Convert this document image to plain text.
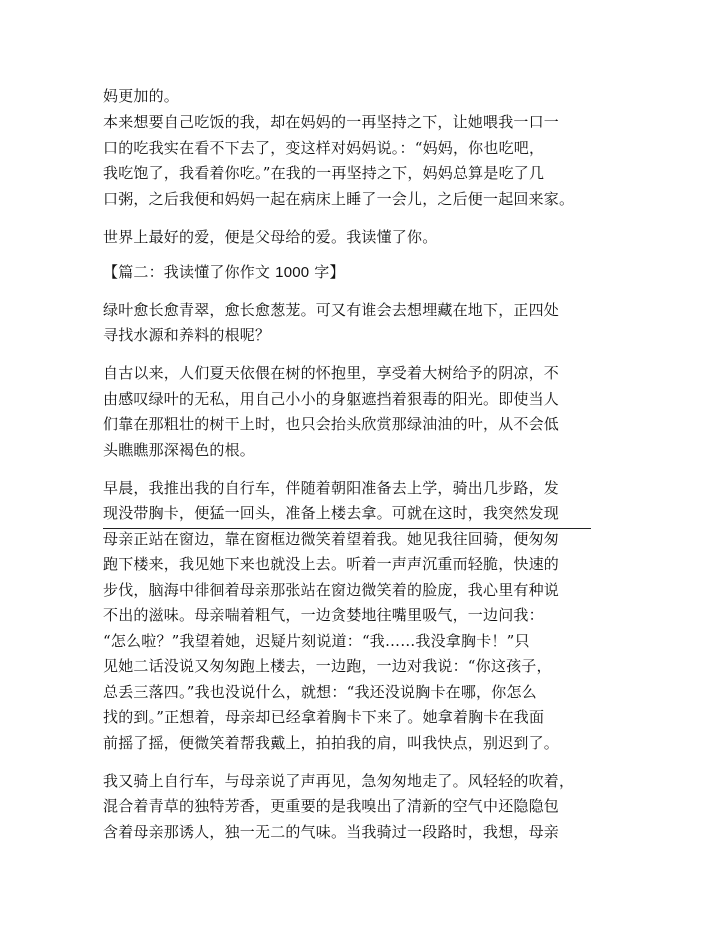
妈更加的。
本来想要自己吃饭的我，却在妈妈的一再坚持之下，让她喂我一口一
口的吃我实在看不下去了，变这样对妈妈说。：“妈妈，你也吃吧，
我吃饱了，我看着你吃。”在我的一再坚持之下，妈妈总算是吃了几
口粥，之后我便和妈妈一起在病床上睡了一会儿，之后便一起回来家。
世界上最好的爱，便是父母给的爱。我读懂了你。
【篇二：我读懂了你作文 1000 字】
绿叶愈长愈青翠，愈长愈葱茏。可又有谁会去想埋藏在地下，正四处
寻找水源和养料的根呢？
自古以来，人们夏天依偎在树的怀抱里，享受着大树给予的阴凉，不
由感叹绿叶的无私，用自己小小的身躯遮挡着狠毒的阳光。即使当人
们靠在那粗壮的树干上时，也只会抬头欣赏那绿油油的叶，从不会低
头瞧瞧那深褐色的根。
早晨，我推出我的自行车，伴随着朝阳准备去上学，骑出几步路，发
现没带胸卡，便猛一回头，准备上楼去拿。可就在这时，我突然发现
母亲正站在窗边，靠在窗框边微笑着望着我。她见我往回骑，便匆匆
跑下楼来，我见她下来也就没上去。听着一声声沉重而轻脆，快速的
步伐，脑海中徘徊着母亲那张站在窗边微笑着的脸庞，我心里有种说
不出的滋味。母亲喘着粗气，一边贪婪地往嘴里吸气，一边问我：
“怎么啦？”我望着她，迟疑片刻说道：“我……我没拿胸卡！”只
见她二话没说又匆匆跑上楼去，一边跑，一边对我说：“你这孩子，
总丢三落四。”我也没说什么，就想：“我还没说胸卡在哪，你怎么
找的到。”正想着，母亲却已经拿着胸卡下来了。她拿着胸卡在我面
前摇了摇，便微笑着帮我戴上，拍拍我的肩，叫我快点，别迟到了。
我又骑上自行车，与母亲说了声再见，急匆匆地走了。风轻轻的吹着，
混合着青草的独特芳香，更重要的是我嗅出了清新的空气中还隐隐包
含着母亲那诱人，独一无二的气味。当我骑过一段路时，我想，母亲
